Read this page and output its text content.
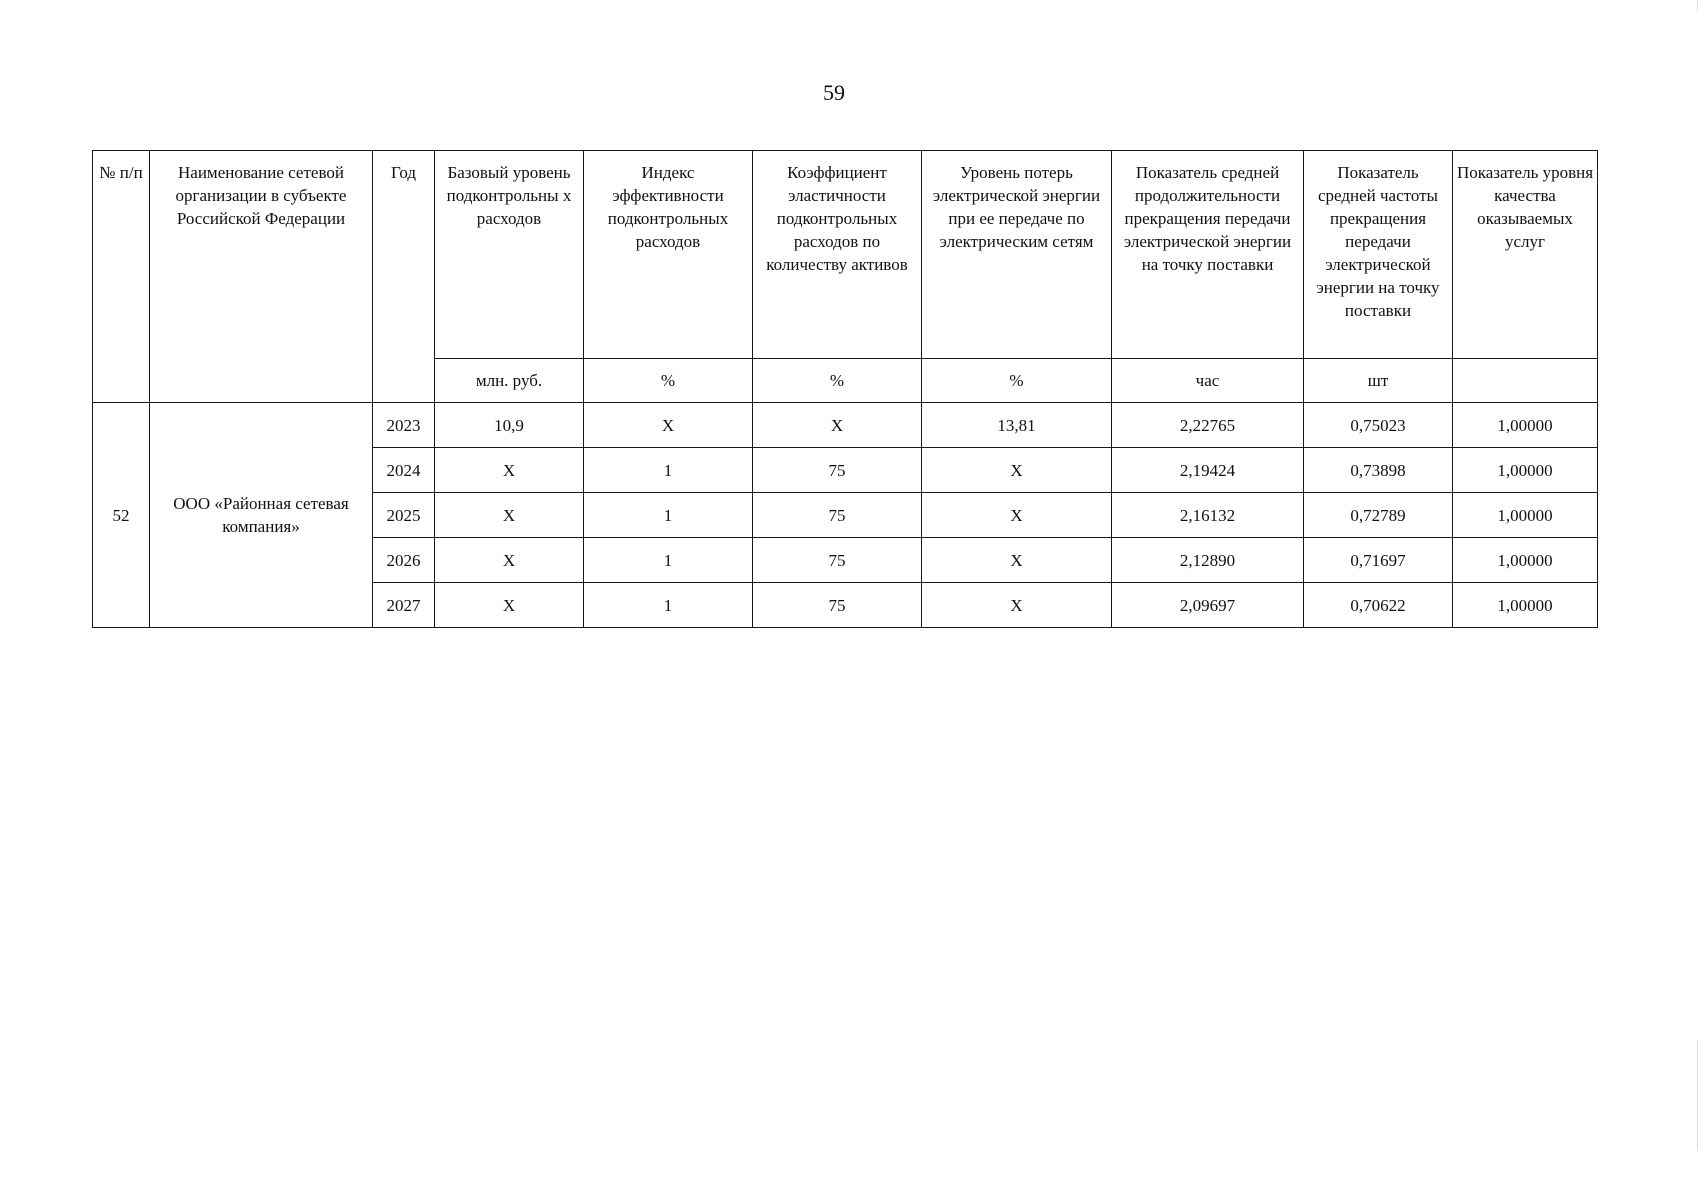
59
№ п/п	Наименование сетевой организации в субъекте Российской Федерации	Год	Базовый уровень подконтрольны х расходов	Индекс эффективности подконтрольных расходов	Коэффициент эластичности подконтрольных расходов по количеству активов	Уровень потерь электрической энергии при ее передаче по электрическим сетям	Показатель средней продолжительности прекращения передачи электрической энергии на точку поставки	Показатель средней частоты прекращения передачи электрической энергии на точку поставки	Показатель уровня качества оказываемых услуг
			млн. руб.	%	%	%	час	шт	
52	ООО «Районная сетевая компания»	2023	10,9	Х	Х	13,81	2,22765	0,75023	1,00000
		2024	Х	1	75	Х	2,19424	0,73898	1,00000
		2025	Х	1	75	Х	2,16132	0,72789	1,00000
		2026	Х	1	75	Х	2,12890	0,71697	1,00000
		2027	Х	1	75	Х	2,09697	0,70622	1,00000
